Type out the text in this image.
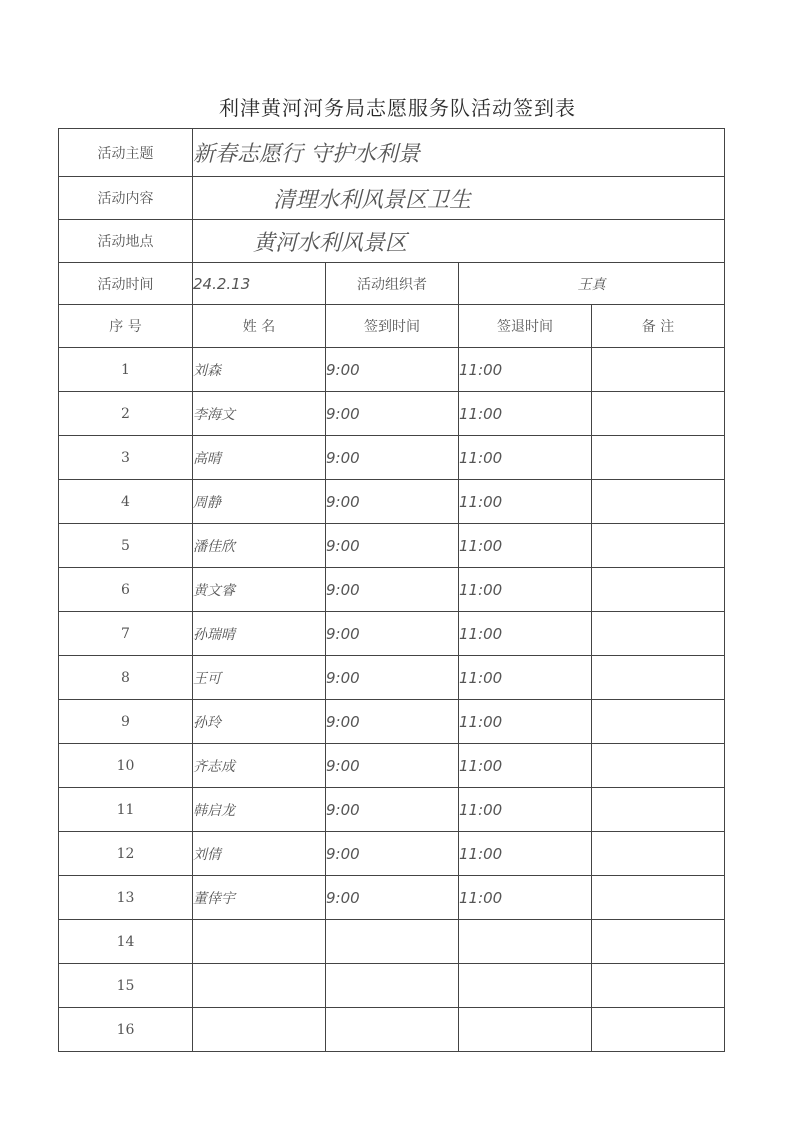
利津黄河河务局志愿服务队活动签到表
活动主题	新春志愿行 守护水利景			
活动内容	清理水利风景区卫生			
活动地点	黄河水利风景区			
活动时间	24.2.13	活动组织者	王真	
序 号	姓 名	签到时间	签退时间	备 注
1	刘森	9:00	11:00	
2	李海文	9:00	11:00	
3	高晴	9:00	11:00	
4	周静	9:00	11:00	
5	潘佳欣	9:00	11:00	
6	黄文睿	9:00	11:00	
7	孙瑞晴	9:00	11:00	
8	王可	9:00	11:00	
9	孙玲	9:00	11:00	
10	齐志成	9:00	11:00	
11	韩启龙	9:00	11:00	
12	刘倩	9:00	11:00	
13	董倖宇	9:00	11:00	
14				
15				
16				
